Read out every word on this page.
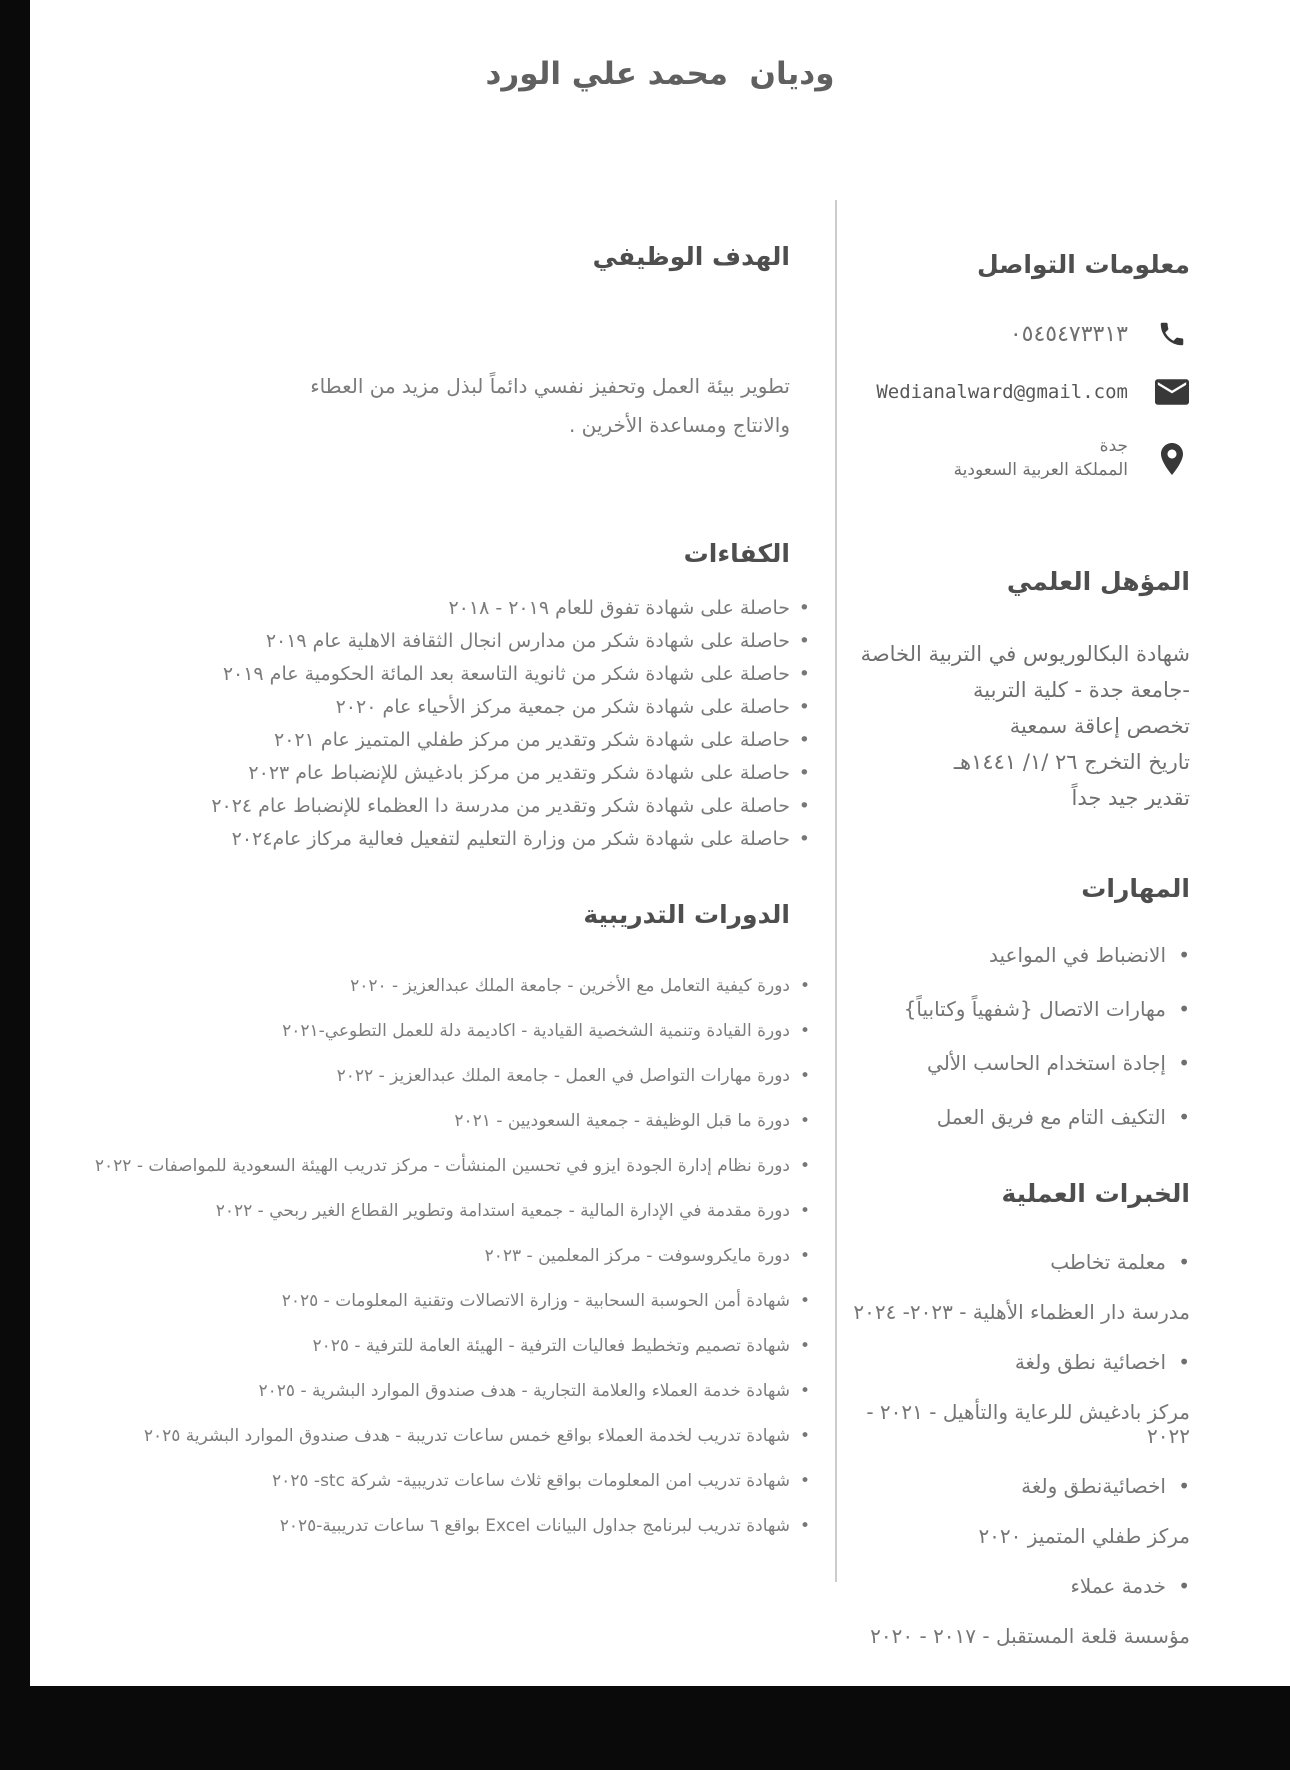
وديان  محمد علي الورد
معلومات التواصل
٠٥٤٥٤٧٣٣١٣
Wedianalward@gmail.com
جدة
المملكة العربية السعودية
المؤهل العلمي

شهادة البكالوريوس في التربية الخاصة

-جامعة جدة - كلية التربية

تخصص إعاقة سمعية

تاريخ التخرج ٢٦ /١/ ١٤٤١هـ

تقدير جيد جداً

المهارات
• الانضباط في المواعيد
• مهارات الاتصال {شفهياً وكتابياً}
• إجادة استخدام الحاسب الألي
• التكيف التام مع فريق العمل
الخبرات العملية

• معلمة تخاطب

مدرسة دار العظماء الأهلية - ٢٠٢٣- ٢٠٢٤

• اخصائية نطق ولغة

مركز بادغيش للرعاية والتأهيل - ٢٠٢١ - ٢٠٢٢

• اخصائيةنطق ولغة

مركز طفلي المتميز ٢٠٢٠

• خدمة عملاء

مؤسسة قلعة المستقبل - ٢٠١٧ - ٢٠٢٠

الهدف الوظيفي

تطوير بيئة العمل وتحفيز نفسي دائماً لبذل مزيد من العطاء والانتاج ومساعدة الأخرين .

الكفاءات
• حاصلة على شهادة تفوق للعام ٢٠١٩ - ٢٠١٨
• حاصلة على شهادة شكر من مدارس انجال الثقافة الاهلية عام ٢٠١٩
• حاصلة على شهادة شكر من ثانوية التاسعة بعد المائة الحكومية عام ٢٠١٩
• حاصلة على شهادة شكر من جمعية مركز الأحياء عام ٢٠٢٠
• حاصلة على شهادة شكر وتقدير من مركز طفلي المتميز عام ٢٠٢١
• حاصلة على شهادة شكر وتقدير من مركز بادغيش للإنضباط عام ٢٠٢٣
• حاصلة على شهادة شكر وتقدير من مدرسة دا العظماء للإنضباط عام ٢٠٢٤
• حاصلة على شهادة شكر من وزارة التعليم لتفعيل فعالية مركاز عام٢٠٢٤
الدورات التدريبية
• دورة كيفية التعامل مع الأخرين - جامعة الملك عبدالعزيز - ٢٠٢٠
• دورة القيادة وتنمية الشخصية القيادية - اكاديمة دلة للعمل التطوعي-٢٠٢١
• دورة مهارات التواصل في العمل - جامعة الملك عبدالعزيز - ٢٠٢٢
• دورة ما قبل الوظيفة - جمعية السعوديين - ٢٠٢١
• دورة نظام إدارة الجودة ايزو في تحسين المنشأت - مركز تدريب الهيئة السعودية للمواصفات - ٢٠٢٢
• دورة مقدمة في الإدارة المالية - جمعية استدامة وتطوير القطاع الغير ربحي - ٢٠٢٢
• دورة مايكروسوفت - مركز المعلمين - ٢٠٢٣
• شهادة أمن الحوسبة السحابية - وزارة الاتصالات وتقنية المعلومات - ٢٠٢٥
• شهادة تصميم وتخطيط فعاليات الترفية - الهيئة العامة للترفية - ٢٠٢٥
• شهادة خدمة العملاء والعلامة التجارية - هدف صندوق الموارد البشرية - ٢٠٢٥
• شهادة تدريب لخدمة العملاء بواقع خمس ساعات تدريبة - هدف صندوق الموارد البشرية ٢٠٢٥
• شهادة تدريب امن المعلومات بواقع ثلاث ساعات تدريبية- شركة stc- ٢٠٢٥
• شهادة تدريب لبرنامج جداول البيانات Excel بواقع ٦ ساعات تدريبية-٢٠٢٥
